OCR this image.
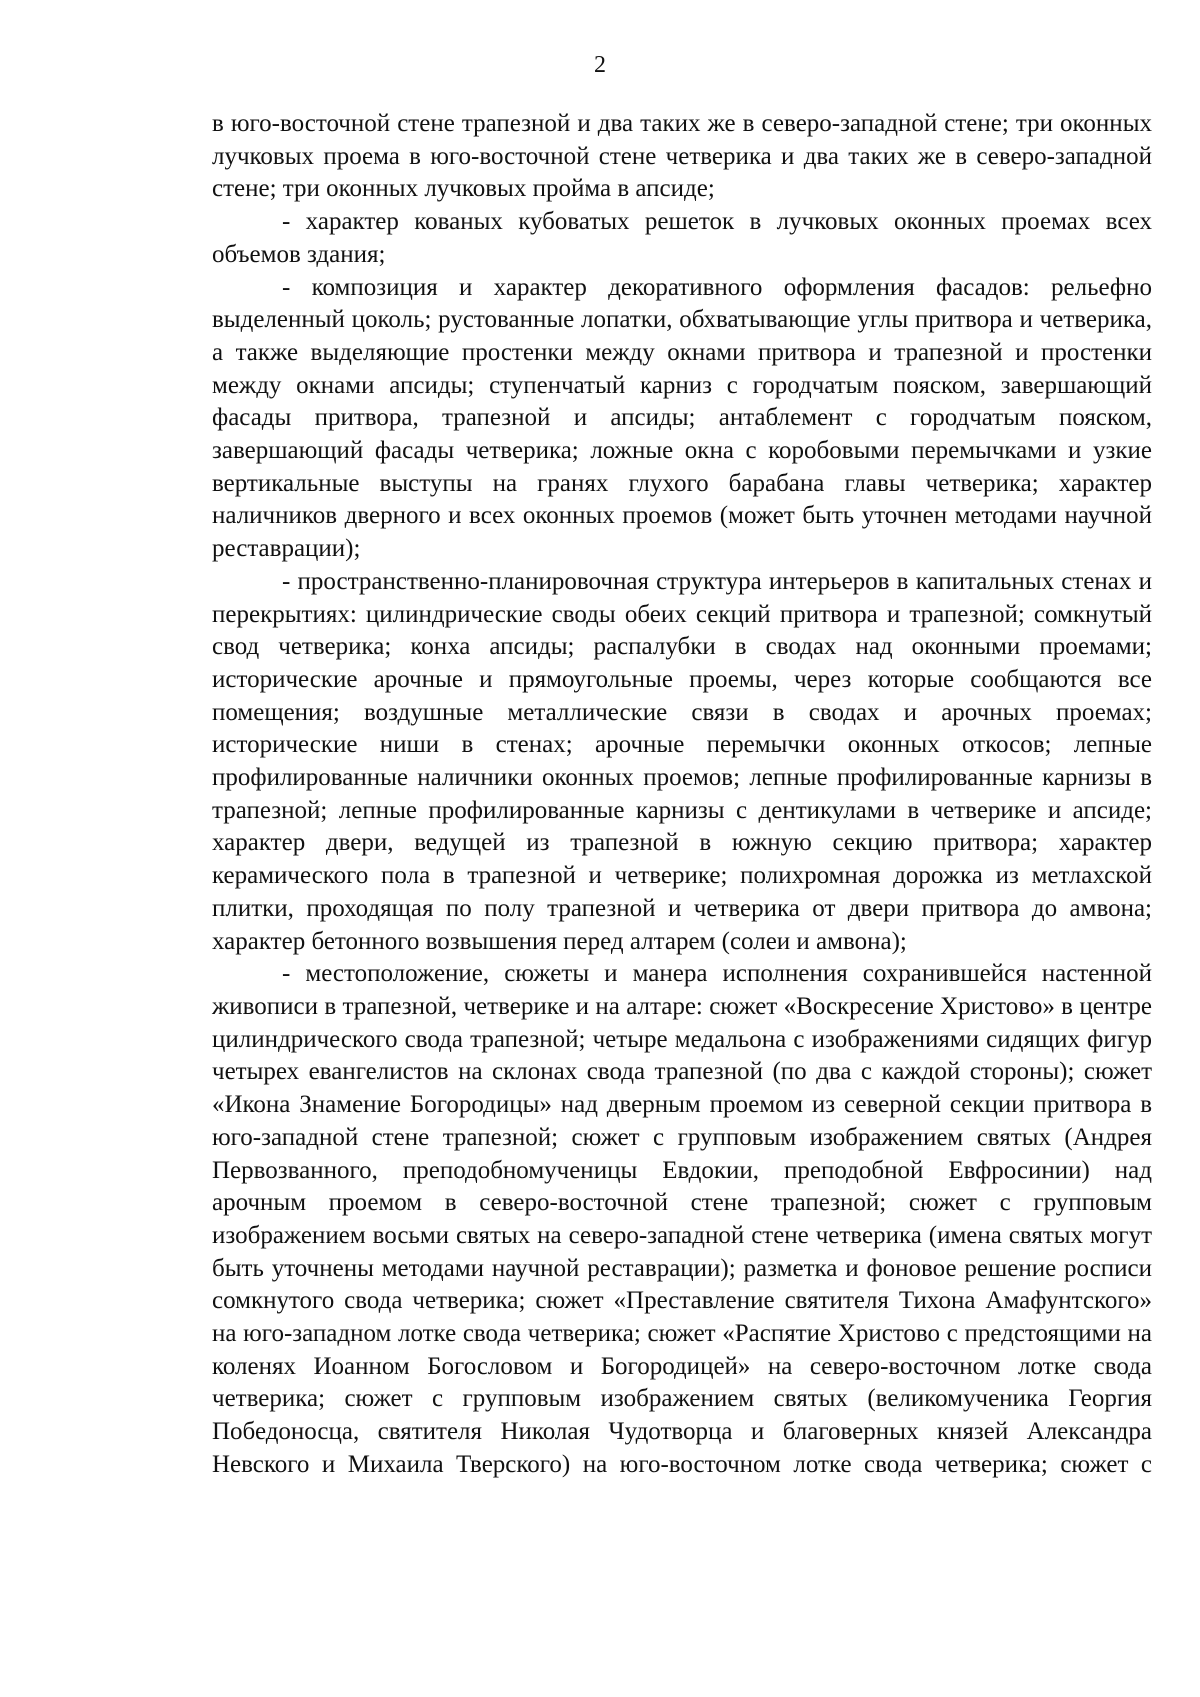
2

в юго-восточной стене трапезной и два таких же в северо-западной стене; три оконных лучковых проема в юго-восточной стене четверика и два таких же в северо-западной стене; три оконных лучковых пройма в апсиде;

- характер кованых кубоватых решеток в лучковых оконных проемах всех объемов здания;

- композиция и характер декоративного оформления фасадов: рельефно выделенный цоколь; рустованные лопатки, обхватывающие углы притвора и четверика, а также выделяющие простенки между окнами притвора и трапезной и простенки между окнами апсиды; ступенчатый карниз с городчатым пояском, завершающий фасады притвора, трапезной и апсиды; антаблемент с городчатым пояском, завершающий фасады четверика; ложные окна с коробовыми перемычками и узкие вертикальные выступы на гранях глухого барабана главы четверика; характер наличников дверного и всех оконных проемов (может быть уточнен методами научной реставрации);

- пространственно-планировочная структура интерьеров в капитальных стенах и перекрытиях: цилиндрические своды обеих секций притвора и трапезной; сомкнутый свод четверика; конха апсиды; распалубки в сводах над оконными проемами; исторические арочные и прямоугольные проемы, через которые сообщаются все помещения; воздушные металлические связи в сводах и арочных проемах; исторические ниши в стенах; арочные перемычки оконных откосов; лепные профилированные наличники оконных проемов; лепные профилированные карнизы в трапезной; лепные профилированные карнизы с дентикулами в четверике и апсиде; характер двери, ведущей из трапезной в южную секцию притвора; характер керамического пола в трапезной и четверике; полихромная дорожка из метлахской плитки, проходящая по полу трапезной и четверика от двери притвора до амвона; характер бетонного возвышения перед алтарем (солеи и амвона);

- местоположение, сюжеты и манера исполнения сохранившейся настенной живописи в трапезной, четверике и на алтаре: сюжет «Воскресение Христово» в центре цилиндрического свода трапезной; четыре медальона с изображениями сидящих фигур четырех евангелистов на склонах свода трапезной (по два с каждой стороны); сюжет «Икона Знамение Богородицы» над дверным проемом из северной секции притвора в юго-западной стене трапезной; сюжет с групповым изображением святых (Андрея Первозванного, преподобномученицы Евдокии, преподобной Евфросинии) над арочным проемом в северо-восточной стене трапезной; сюжет с групповым изображением восьми святых на северо-западной стене четверика (имена святых могут быть уточнены методами научной реставрации); разметка и фоновое решение росписи сомкнутого свода четверика; сюжет «Преставление святителя Тихона Амафунтского» на юго-западном лотке свода четверика; сюжет «Распятие Христово с предстоящими на коленях Иоанном Богословом и Богородицей» на северо-восточном лотке свода четверика; сюжет с групповым изображением святых (великомученика Георгия Победоносца, святителя Николая Чудотворца и благоверных князей Александра Невского и Михаила Тверского) на юго-восточном лотке свода четверика; сюжет с
